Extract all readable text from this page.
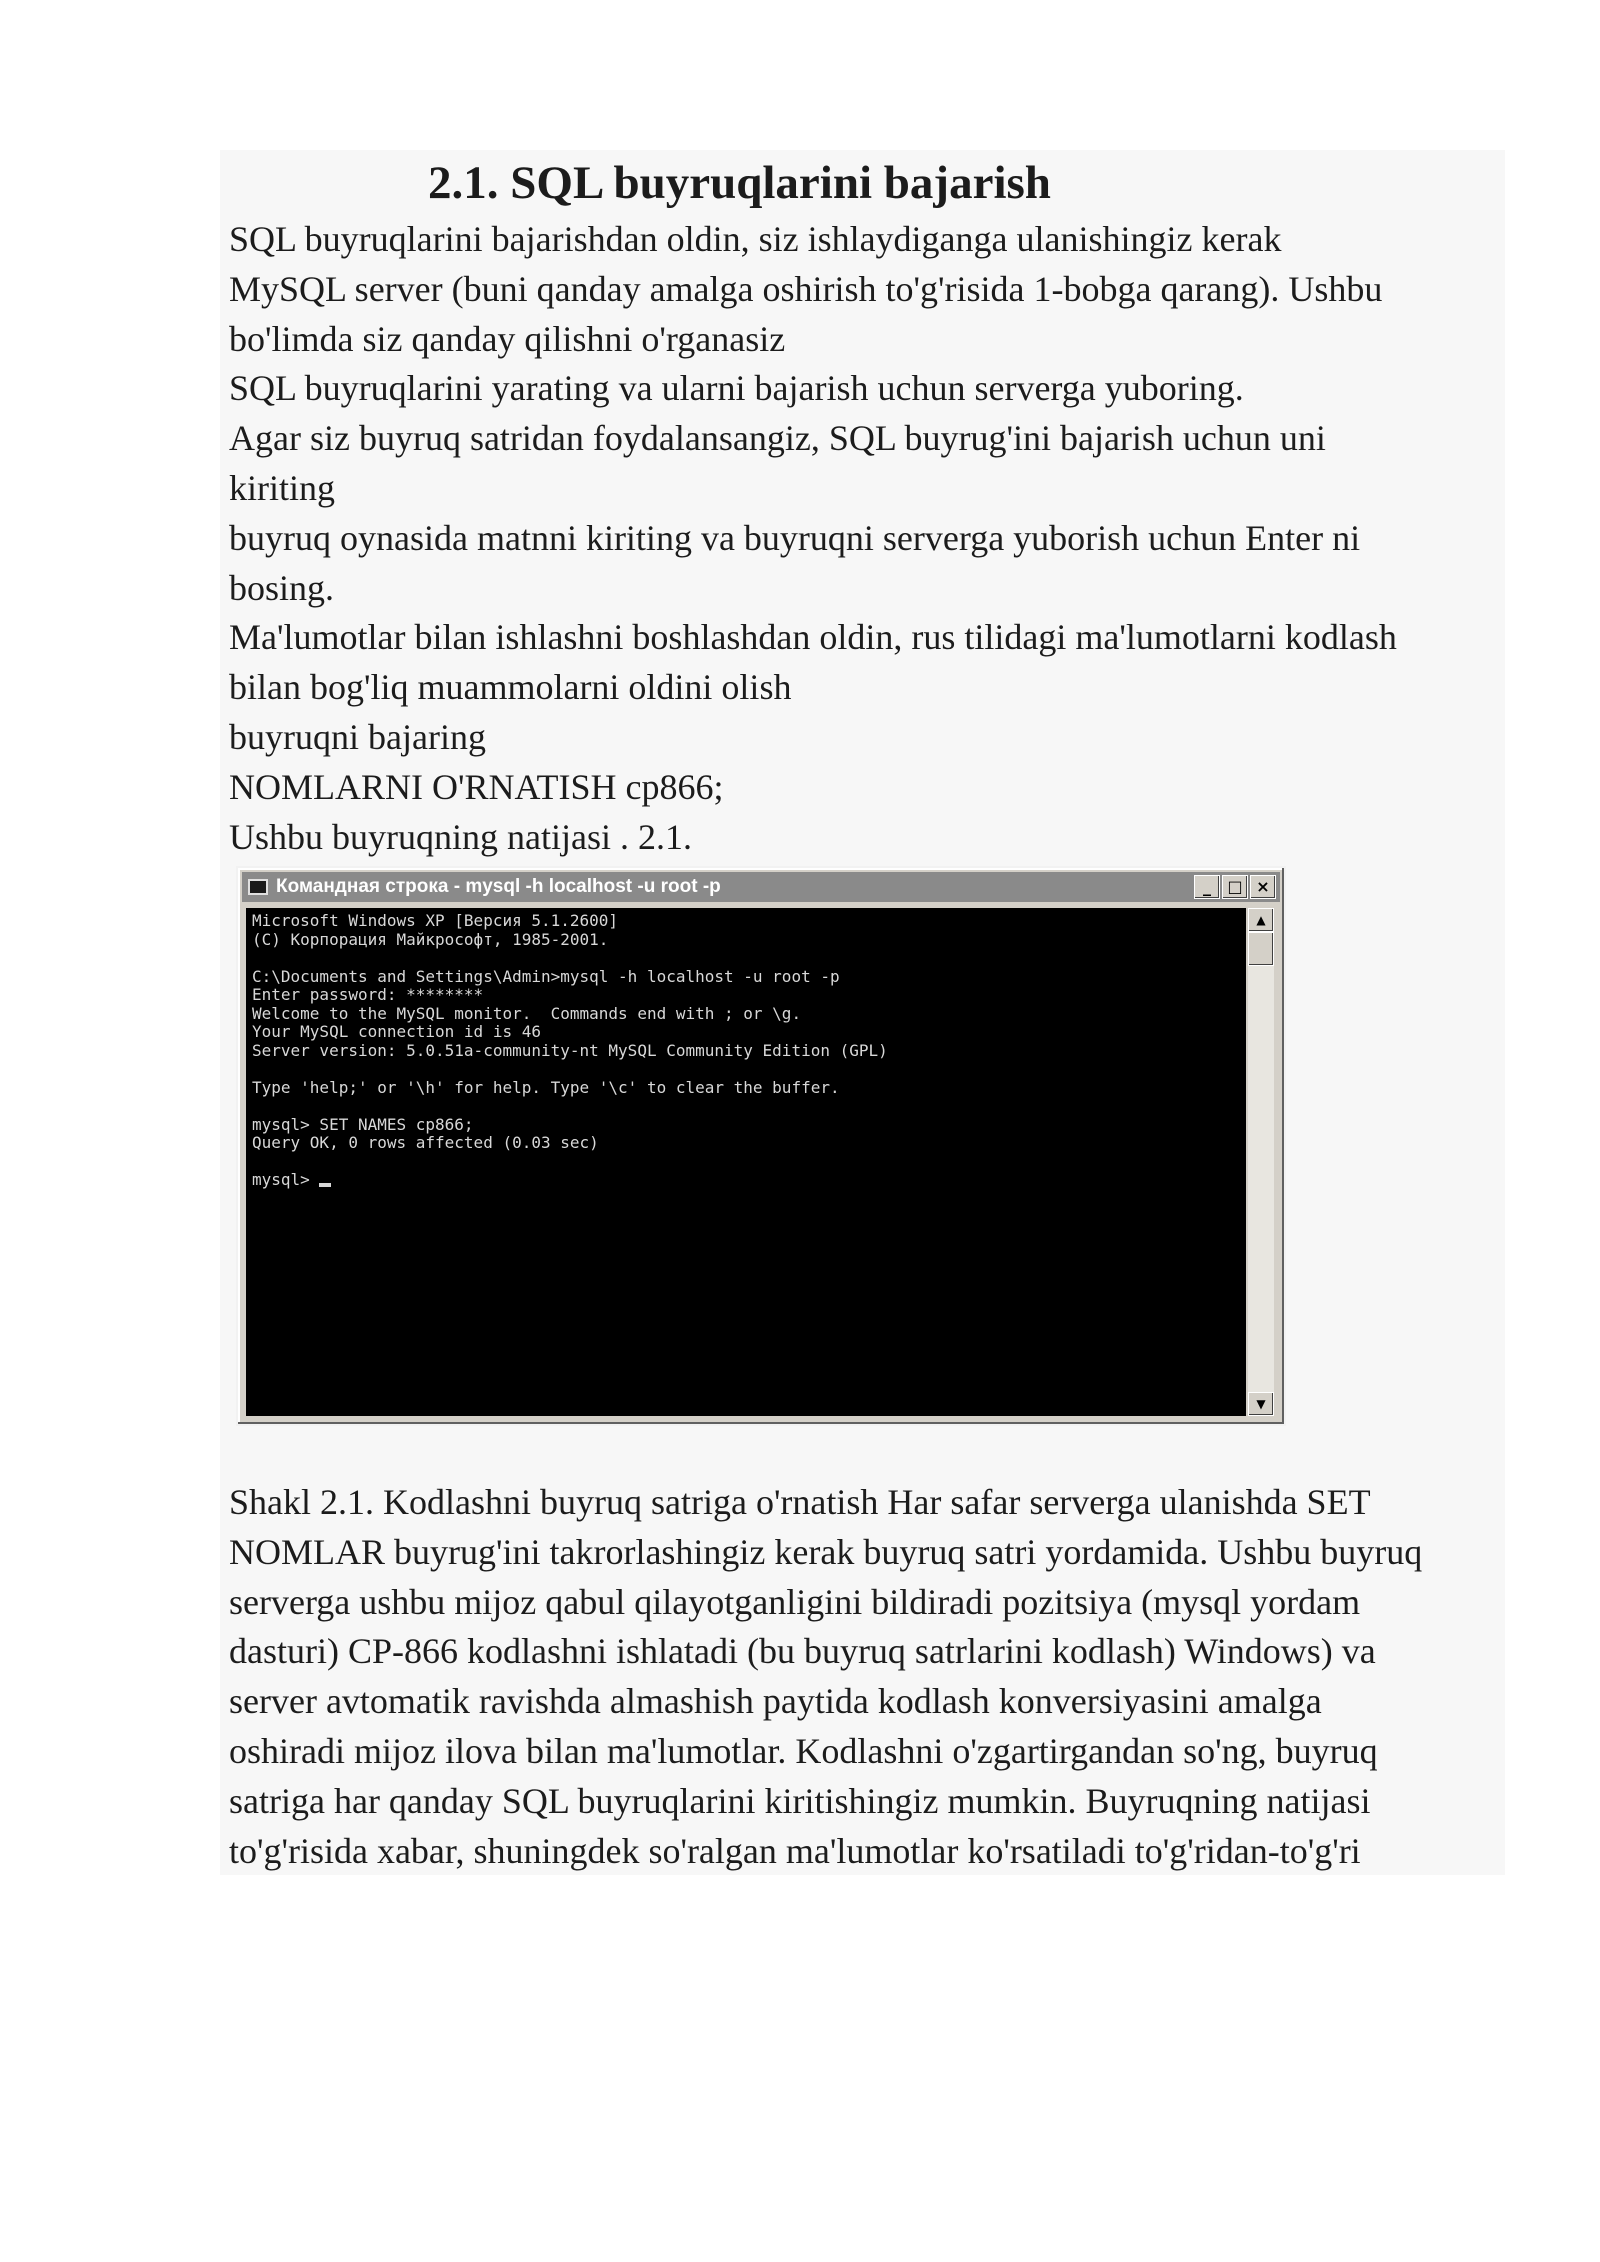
2.1. SQL buyruqlarini bajarish
SQL buyruqlarini bajarishdan oldin, siz ishlaydiganga ulanishingiz kerak
MySQL server (buni qanday amalga oshirish to'g'risida 1-bobga qarang). Ushbu
bo'limda siz qanday qilishni o'rganasiz
SQL buyruqlarini yarating va ularni bajarish uchun serverga yuboring.
Agar siz buyruq satridan foydalansangiz, SQL buyrug'ini bajarish uchun uni
kiriting
buyruq oynasida matnni kiriting va buyruqni serverga yuborish uchun Enter ni
bosing.
Ma'lumotlar bilan ishlashni boshlashdan oldin, rus tilidagi ma'lumotlarni kodlash
bilan bog'liq muammolarni oldini olish
buyruqni bajaring
NOMLARNI O'RNATISH cp866;
Ushbu buyruqning natijasi . 2.1.
Командная строка - mysql -h localhost -u root -p	_	□ ×
Microsoft Windows XP [Версия 5.1.2600]
(С) Корпорация Майкрософт, 1985-2001.
C:\Documents and Settings\Admin>mysql -h localhost -u root -p
Enter password: ********
Welcome to the MySQL monitor.  Commands end with ; or \g.
Your MySQL connection id is 46
Server version: 5.0.51a-community-nt MySQL Community Edition (GPL)
Type 'help;' or '\h' for help. Type '\c' to clear the buffer.
mysql> SET NAMES cp866;
Query OK, 0 rows affected (0.03 sec)
mysql>
▲
▼
Shakl 2.1. Kodlashni buyruq satriga o'rnatish Har safar serverga ulanishda SET
NOMLAR buyrug'ini takrorlashingiz kerak buyruq satri yordamida. Ushbu buyruq
serverga ushbu mijoz qabul qilayotganligini bildiradi pozitsiya (mysql yordam
dasturi) CP-866 kodlashni ishlatadi (bu buyruq satrlarini kodlash) Windows) va
server avtomatik ravishda almashish paytida kodlash konversiyasini amalga
oshiradi mijoz ilova bilan ma'lumotlar. Kodlashni o'zgartirgandan so'ng, buyruq
satriga har qanday SQL buyruqlarini kiritishingiz mumkin. Buyruqning natijasi
to'g'risida xabar, shuningdek so'ralgan ma'lumotlar ko'rsatiladi to'g'ridan-to'g'ri
